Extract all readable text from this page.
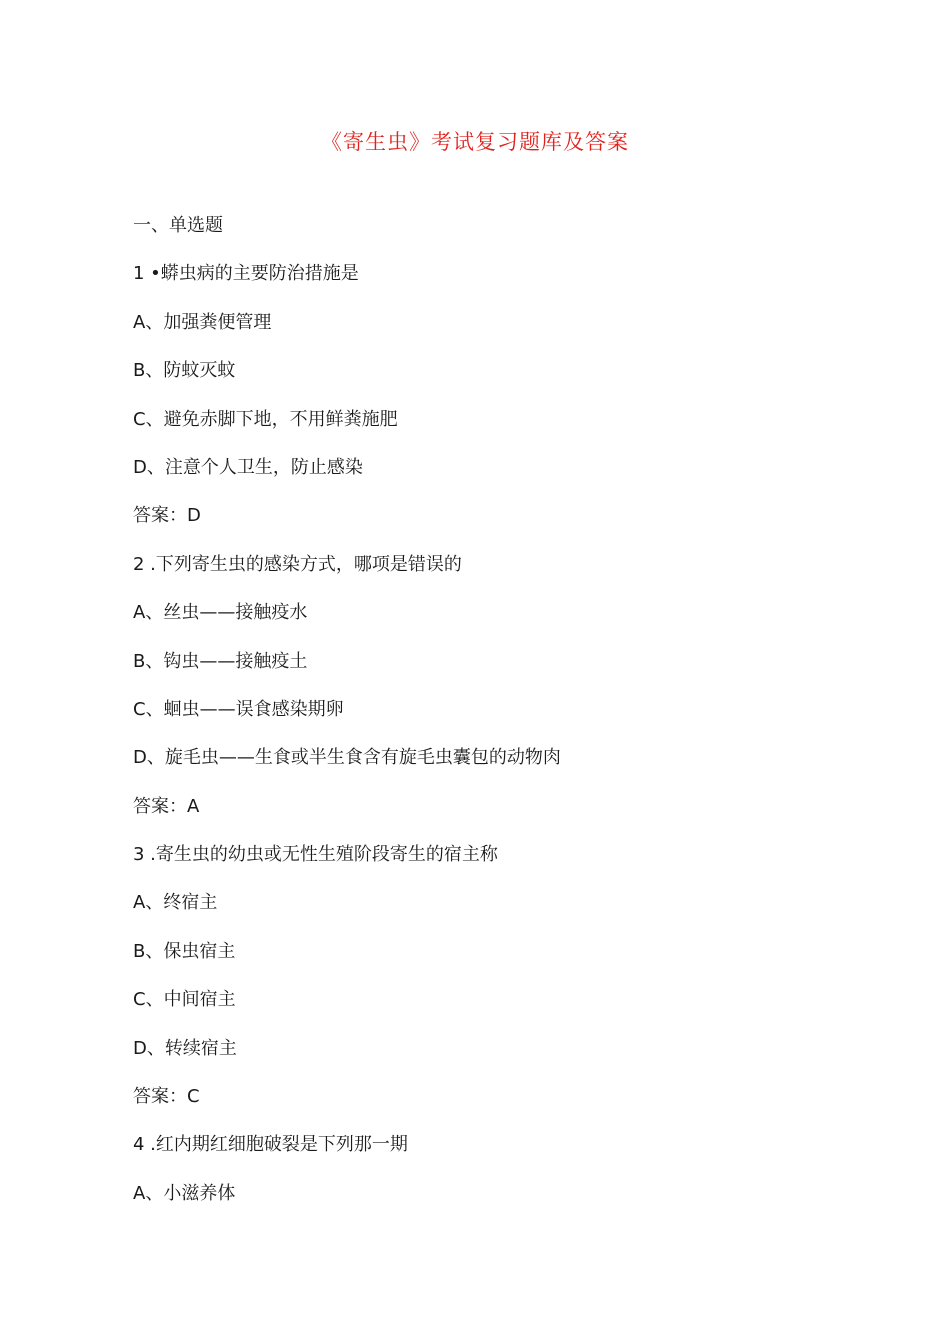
《寄生虫》考试复习题库及答案
一、单选题
1 •蟒虫病的主要防治措施是
A、加强粪便管理
B、防蚊灭蚊
C、避免赤脚下地，不用鲜粪施肥
D、注意个人卫生，防止感染
答案：D
2 .下列寄生虫的感染方式，哪项是错误的
A、丝虫——接触疫水
B、钩虫——接触疫土
C、蛔虫——误食感染期卵
D、旋毛虫——生食或半生食含有旋毛虫囊包的动物肉
答案：A
3 .寄生虫的幼虫或无性生殖阶段寄生的宿主称
A、终宿主
B、保虫宿主
C、中间宿主
D、转续宿主
答案：C
4 .红内期红细胞破裂是下列那一期
A、小滋养体
